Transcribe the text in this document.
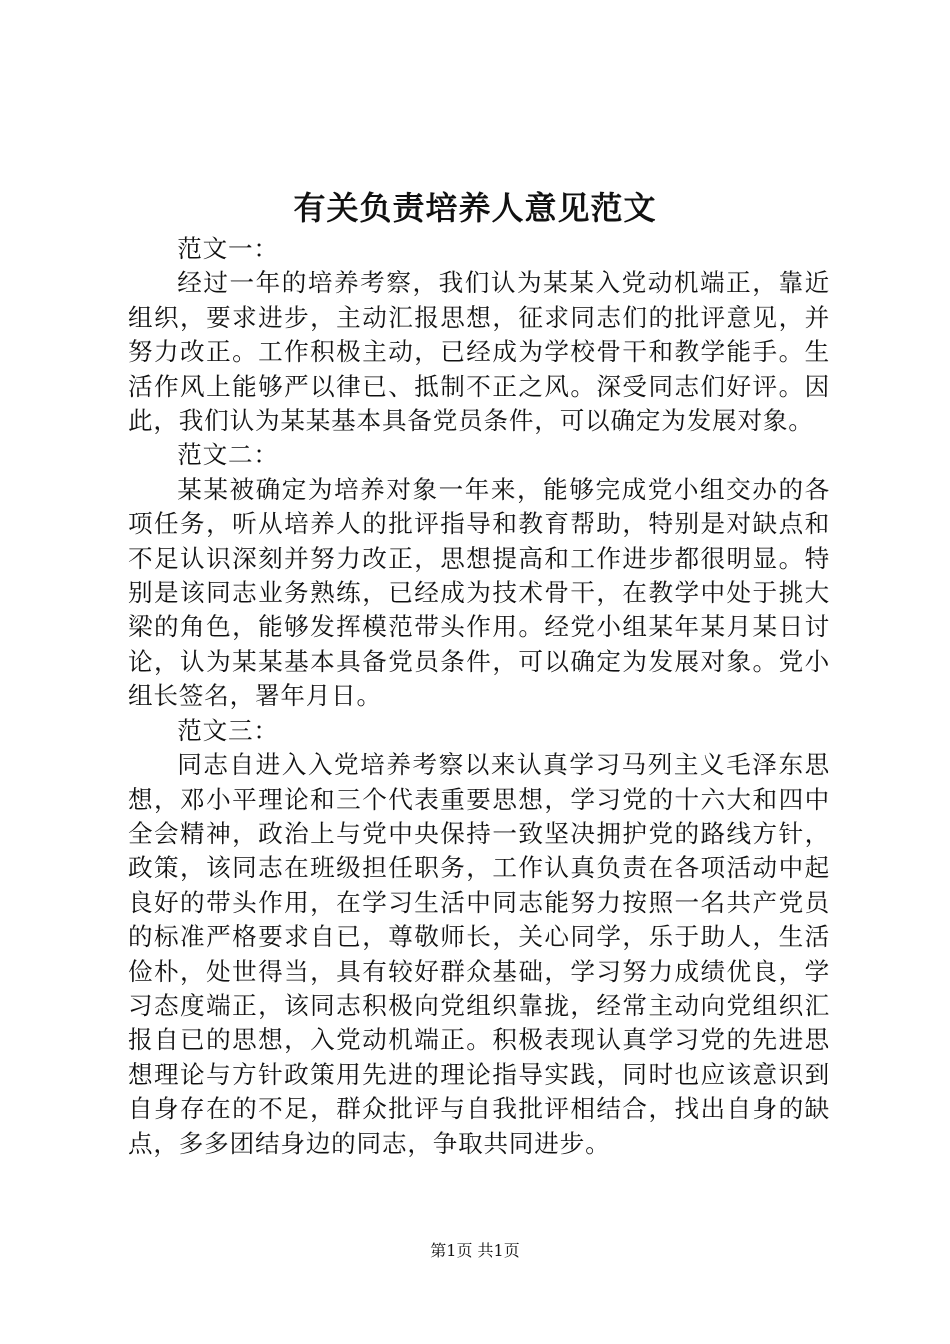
有关负责培养人意见范文

范文一：

经过一年的培养考察，我们认为某某入党动机端正，靠近组织，要求进步，主动汇报思想，征求同志们的批评意见，并努力改正。工作积极主动，已经成为学校骨干和教学能手。生活作风上能够严以律已、抵制不正之风。深受同志们好评。因此，我们认为某某基本具备党员条件，可以确定为发展对象。

范文二：

某某被确定为培养对象一年来，能够完成党小组交办的各项任务，听从培养人的批评指导和教育帮助，特别是对缺点和不足认识深刻并努力改正，思想提高和工作进步都很明显。特别是该同志业务熟练，已经成为技术骨干，在教学中处于挑大梁的角色，能够发挥模范带头作用。经党小组某年某月某日讨论，认为某某基本具备党员条件，可以确定为发展对象。党小组长签名，署年月日。

范文三：

同志自进入入党培养考察以来认真学习马列主义毛泽东思想，邓小平理论和三个代表重要思想，学习党的十六大和四中全会精神，政治上与党中央保持一致坚决拥护党的路线方针，政策，该同志在班级担任职务，工作认真负责在各项活动中起良好的带头作用，在学习生活中同志能努力按照一名共产党员的标准严格要求自已，尊敬师长，关心同学，乐于助人，生活俭朴，处世得当，具有较好群众基础，学习努力成绩优良，学习态度端正，该同志积极向党组织靠拢，经常主动向党组织汇报自已的思想，入党动机端正。积极表现认真学习党的先进思想理论与方针政策用先进的理论指导实践，同时也应该意识到自身存在的不足，群众批评与自我批评相结合，找出自身的缺点，多多团结身边的同志，争取共同进步。

第1页 共1页
